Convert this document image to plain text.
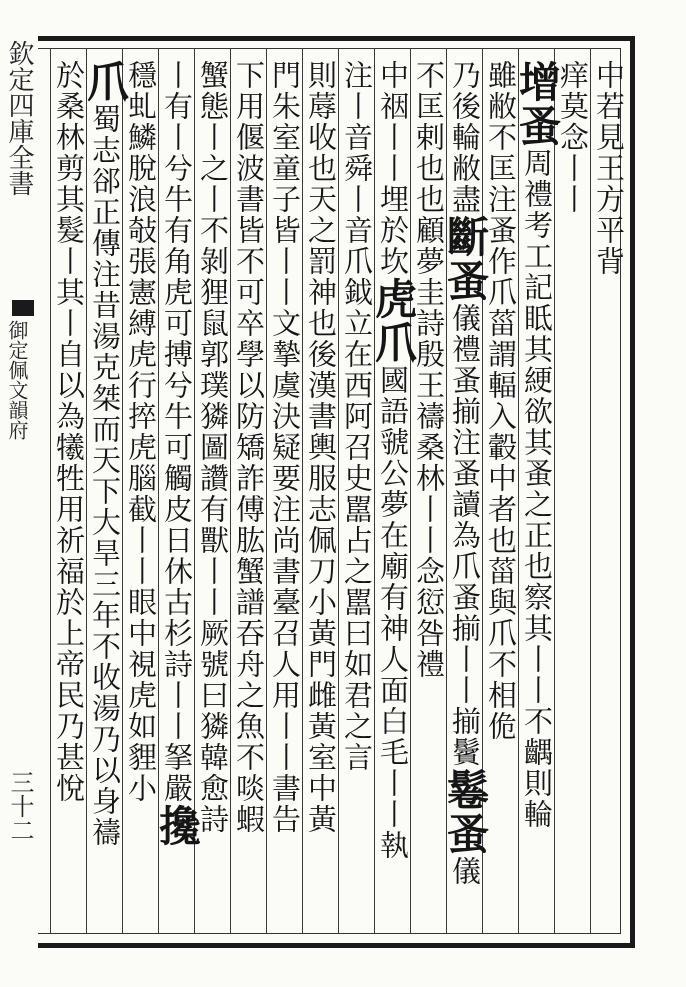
欽定四庫全書
御定佩文韻府
三十二
中若見王方平背
痒莫念丨丨
增蚤周禮考工記眡其綆欲其蚤之正也察其丨丨不齵則輪
雖敝不匡注蚤作爪菑謂輻入轂中者也菑與爪不相佹
乃後輪敝盡斷蚤儀禮蚤揃注蚤讀為爪蚤揃丨丨揃鬢鬈蚤儀
不匡剌也也顧夢圭詩殷王禱桑林丨丨念愆咎禮
中䄄丨丨埋於坎虎爪國語虢公夢在廟有神人面白毛丨丨執
注丨音舜丨音爪鉞立在西阿召史嚚占之嚚曰如君之言
則蓐收也天之罰神也後漢書輿服志佩刀小黃門雌黃室中黃
門朱室童子皆丨丨文摯虞決疑要注尚書臺召人用丨丨書告
下用偃波書皆不可卒學以防矯詐傅肱蟹譜吞舟之魚不啖蝦
蟹態丨之丨不剝狸鼠郭璞獜圖讚有獸丨丨厥號曰獜韓愈詩
丨有丨兮牛有角虎可搏兮牛可觸皮日休古杉詩丨丨拏嚴攙
穩虬鱗脫浪敧張憲縛虎行捽虎腦截丨丨眼中視虎如貍小
爪蜀志郤正傳注昔湯克桀而天下大旱三年不收湯乃以身禱
於桑林剪其髮丨其丨自以為犧牲用祈福於上帝民乃甚悅
